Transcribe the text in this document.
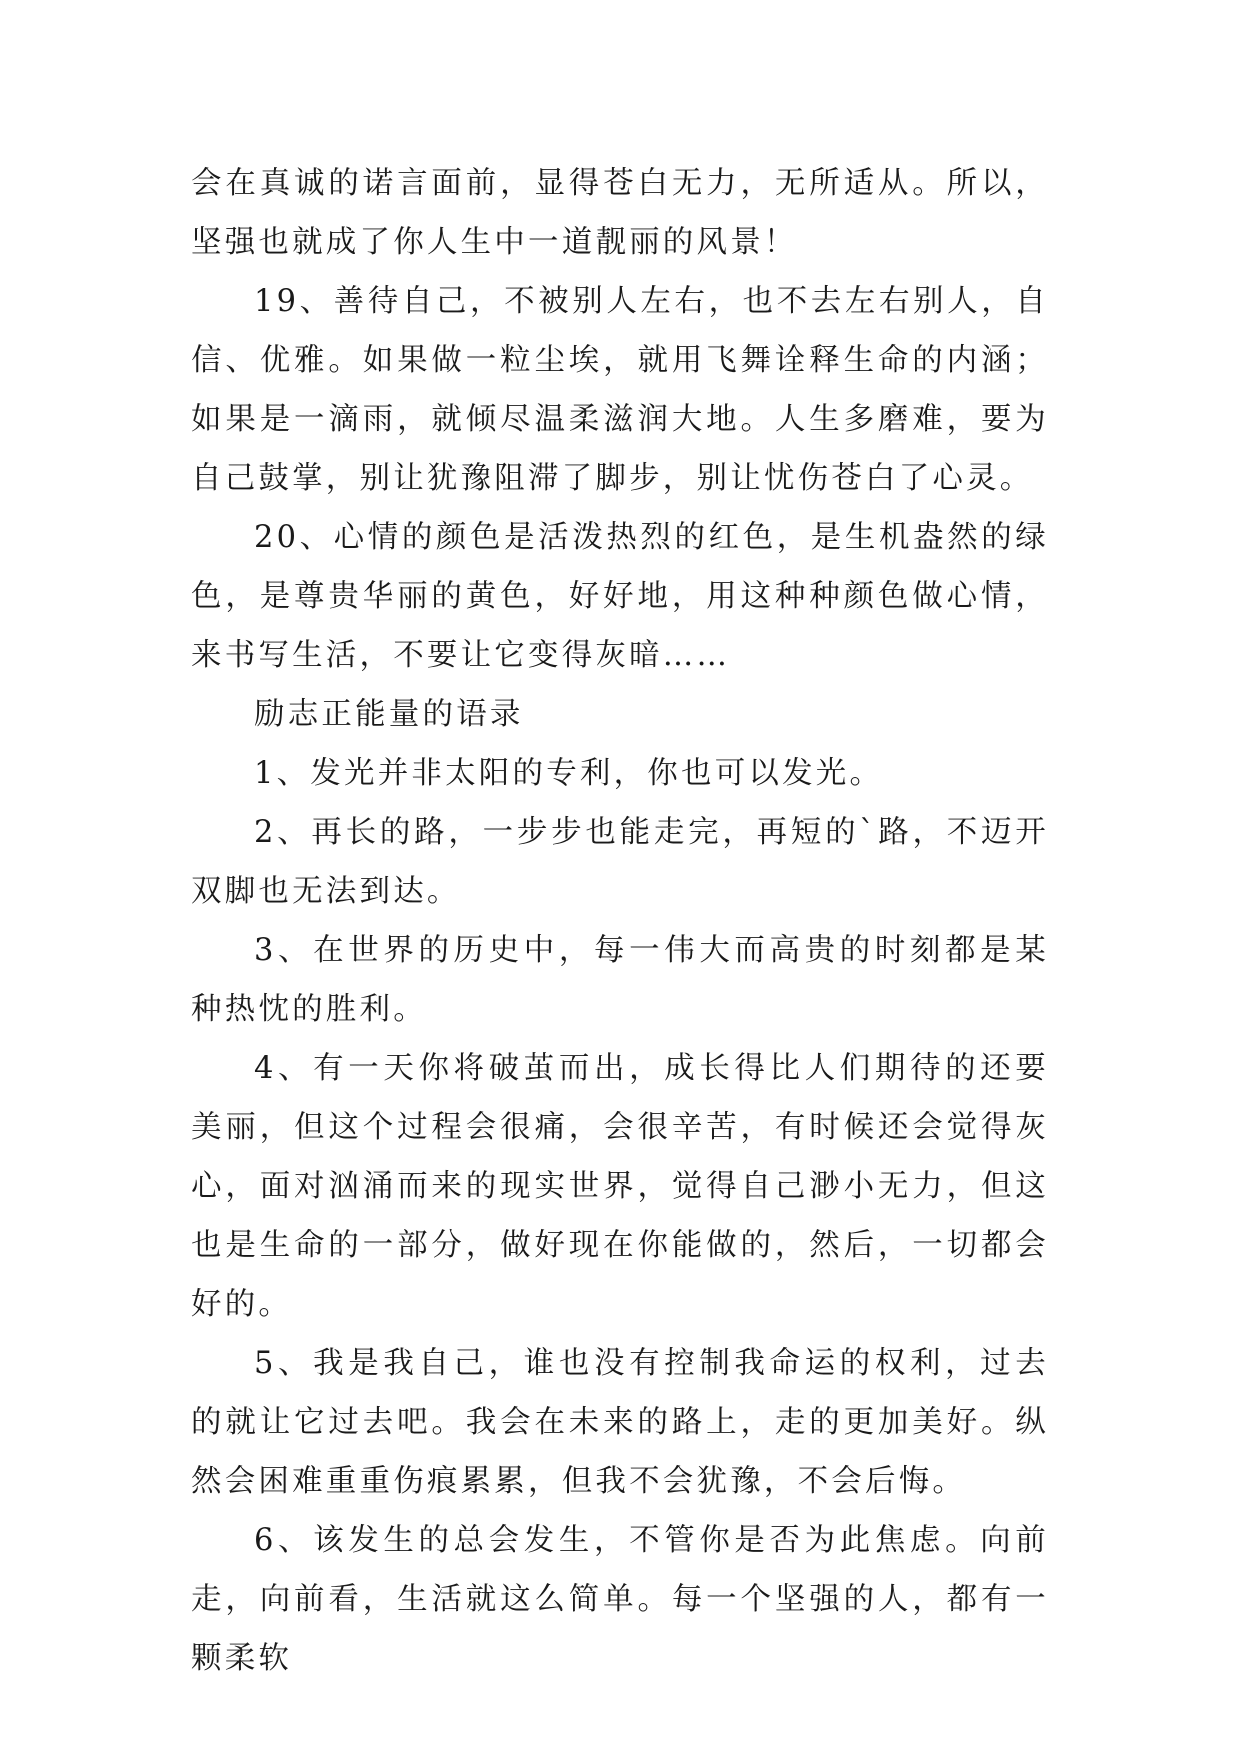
会在真诚的诺言面前，显得苍白无力，无所适从。所以，坚强也就成了你人生中一道靓丽的风景！

19、善待自己，不被别人左右，也不去左右别人，自信、优雅。如果做一粒尘埃，就用飞舞诠释生命的内涵；如果是一滴雨，就倾尽温柔滋润大地。人生多磨难，要为自己鼓掌，别让犹豫阻滞了脚步，别让忧伤苍白了心灵。

20、心情的颜色是活泼热烈的红色，是生机盎然的绿色，是尊贵华丽的黄色，好好地，用这种种颜色做心情，来书写生活，不要让它变得灰暗……

励志正能量的语录

1、发光并非太阳的专利，你也可以发光。

2、再长的路，一步步也能走完，再短的`路，不迈开双脚也无法到达。

3、在世界的历史中，每一伟大而高贵的时刻都是某种热忱的胜利。

4、有一天你将破茧而出，成长得比人们期待的还要美丽，但这个过程会很痛，会很辛苦，有时候还会觉得灰心，面对汹涌而来的现实世界，觉得自己渺小无力，但这也是生命的一部分，做好现在你能做的，然后，一切都会好的。

5、我是我自己，谁也没有控制我命运的权利，过去的就让它过去吧。我会在未来的路上，走的更加美好。纵然会困难重重伤痕累累，但我不会犹豫，不会后悔。

6、该发生的总会发生，不管你是否为此焦虑。向前走，向前看，生活就这么简单。每一个坚强的人，都有一颗柔软
